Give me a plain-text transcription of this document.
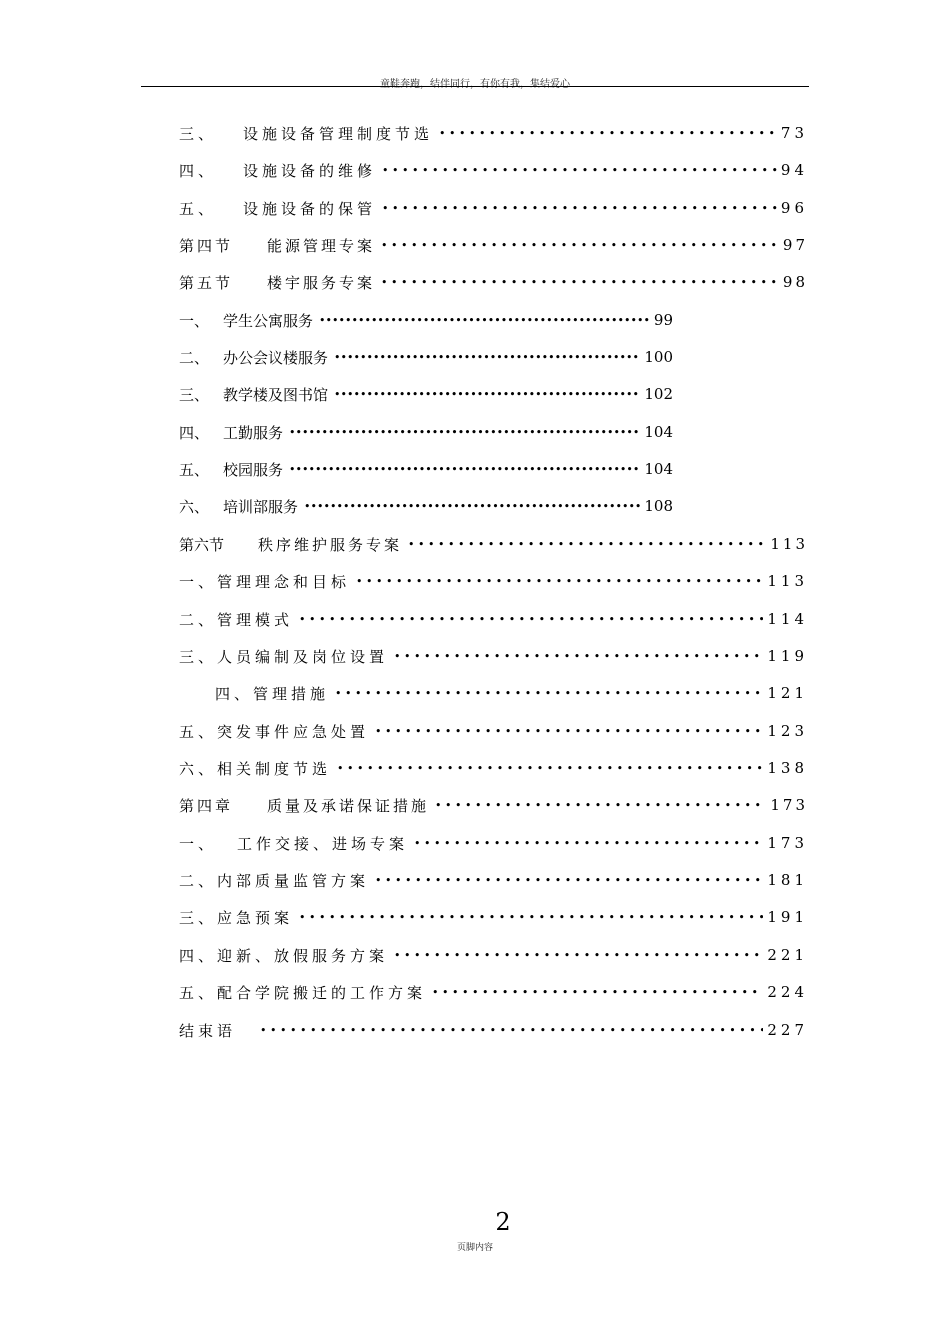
童鞋奔跑，结伴同行，有你有我，集结爱心
三、 设施设备管理制度节选 • • •	73
四、 设施设备的维修 • • •	94
五、 设施设备的保管 • • •	96
第四节 能源管理专案 • • •	97
第五节 楼宇服务专案 • • •	98
一、 学生公寓服务 •••••	99
二、 办公会议楼服务 •••••	100
三、 教学楼及图书馆 •••••	102
四、 工勤服务 •••••	104
五、 校园服务 •••••	104
六、 培训部服务 •••••	108
第六节 秩序维护服务专案 • • •	113
一、管理理念和目标 • • •	113
二、管理模式 • • •	114
三、人员编制及岗位设置 • • •	119
四、管理措施 • • •	121
五、突发事件应急处置 • • •	123
六、相关制度节选 • • •	138
第四章 质量及承诺保证措施 • • •	173
一、 工作交接、进场专案 • • •	173
二、内部质量监管方案 • • •	181
三、应急预案 • • •	191
四、迎新、放假服务方案 • • •	221
五、配合学院搬迁的工作方案 • • •	224
结束语 • • •	227
2
页脚内容
